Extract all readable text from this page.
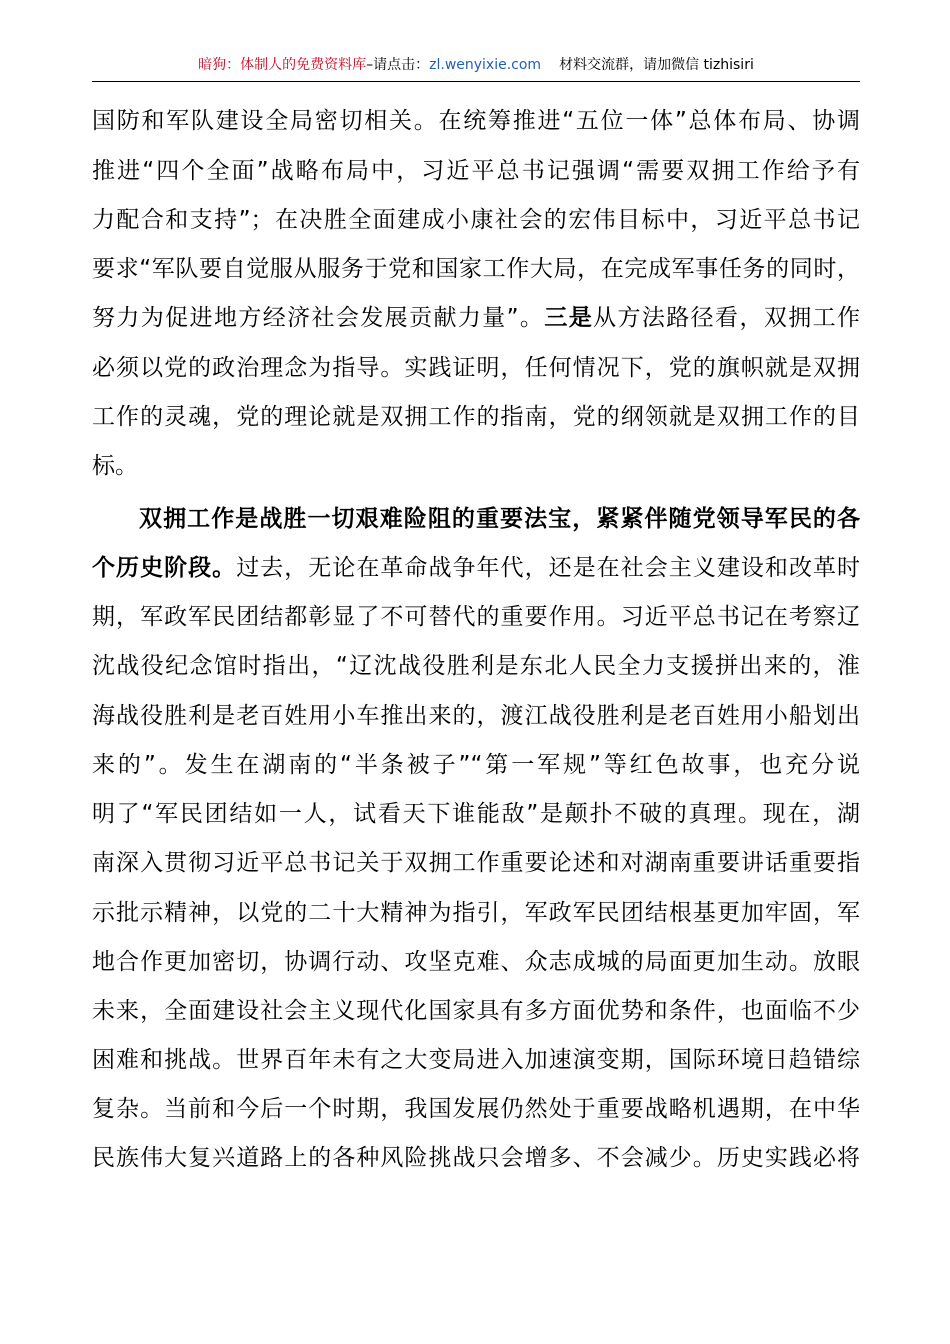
暗狗：体制人的免费资料库–请点击：zl.wenyixie.com 材料交流群，请加微信 tizhisiri
国防和军队建设全局密切相关。在统筹推进“五位一体”总体布局、协调
推进“四个全面”战略布局中，习近平总书记强调“需要双拥工作给予有
力配合和支持”；在决胜全面建成小康社会的宏伟目标中，习近平总书记
要求“军队要自觉服从服务于党和国家工作大局，在完成军事任务的同时，
努力为促进地方经济社会发展贡献力量”。三是从方法路径看，双拥工作
必须以党的政治理念为指导。实践证明，任何情况下，党的旗帜就是双拥
工作的灵魂，党的理论就是双拥工作的指南，党的纲领就是双拥工作的目
标。
双拥工作是战胜一切艰难险阻的重要法宝，紧紧伴随党领导军民的各
个历史阶段。过去，无论在革命战争年代，还是在社会主义建设和改革时
期，军政军民团结都彰显了不可替代的重要作用。习近平总书记在考察辽
沈战役纪念馆时指出，“辽沈战役胜利是东北人民全力支援拼出来的，淮
海战役胜利是老百姓用小车推出来的，渡江战役胜利是老百姓用小船划出
来的”。发生在湖南的“半条被子”“第一军规”等红色故事，也充分说
明了“军民团结如一人，试看天下谁能敌”是颠扑不破的真理。现在，湖
南深入贯彻习近平总书记关于双拥工作重要论述和对湖南重要讲话重要指
示批示精神，以党的二十大精神为指引，军政军民团结根基更加牢固，军
地合作更加密切，协调行动、攻坚克难、众志成城的局面更加生动。放眼
未来，全面建设社会主义现代化国家具有多方面优势和条件，也面临不少
困难和挑战。世界百年未有之大变局进入加速演变期，国际环境日趋错综
复杂。当前和今后一个时期，我国发展仍然处于重要战略机遇期，在中华
民族伟大复兴道路上的各种风险挑战只会增多、不会减少。历史实践必将
